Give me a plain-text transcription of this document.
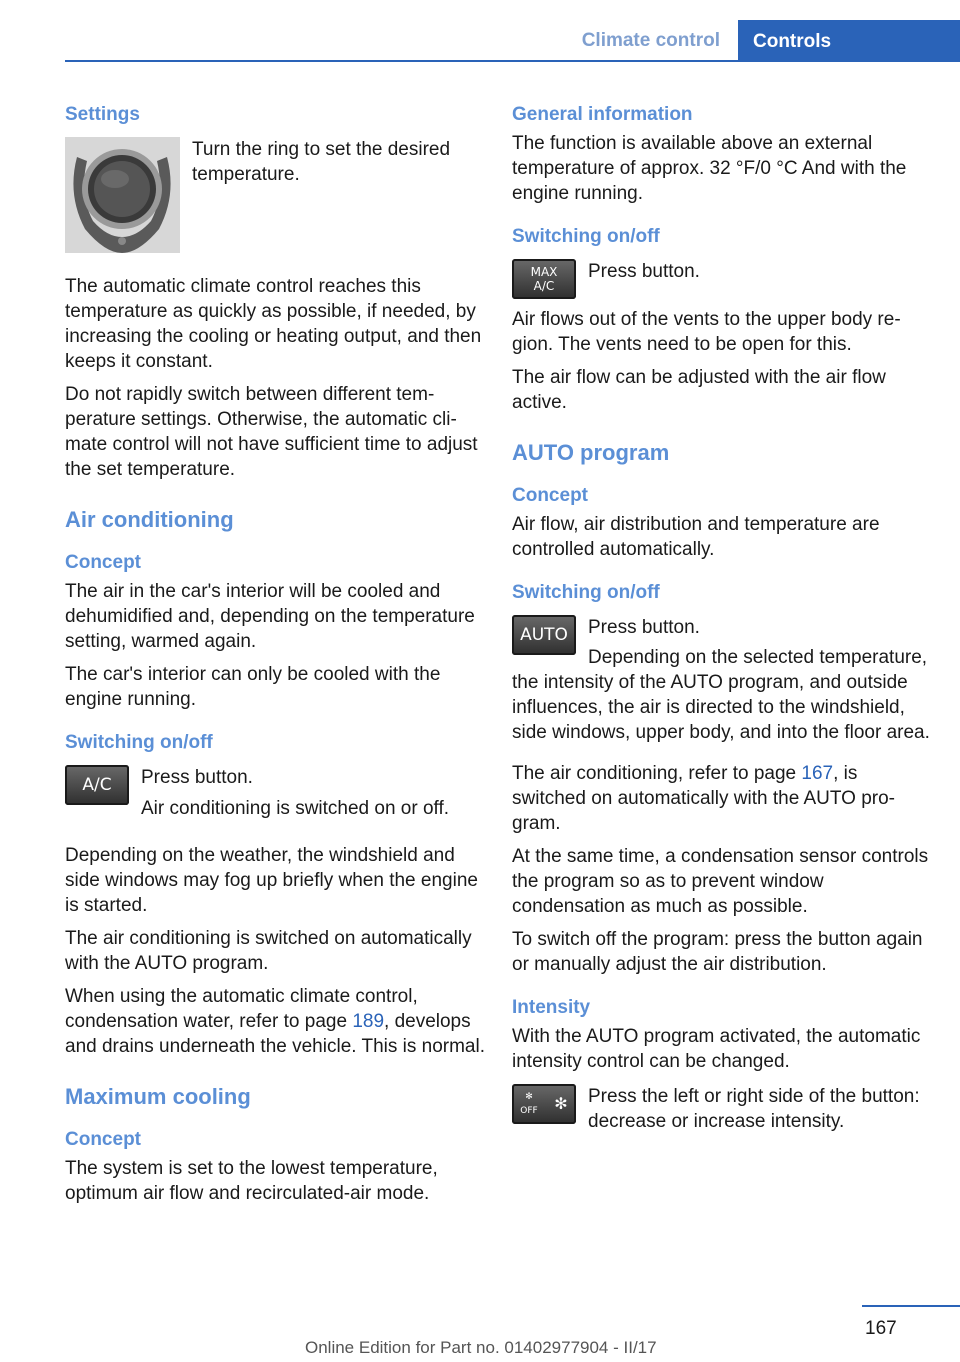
Climate control	Controls
Settings

Turn the ring to set the desired temperature.

The automatic climate control reaches this temperature as quickly as possible, if needed, by increasing the cooling or heating output, and then keeps it constant.

Do not rapidly switch between different temperature settings. Otherwise, the automatic climate control will not have sufficient time to adjust the set temperature.

Air conditioning
Concept

The air in the car's interior will be cooled and dehumidified and, depending on the temperature setting, warmed again.

The car's interior can only be cooled with the engine running.

Switching on/off
A/C	Press button.

Air conditioning is switched on or off.

Depending on the weather, the windshield and side windows may fog up briefly when the engine is started.

The air conditioning is switched on automatically with the AUTO program.

When using the automatic climate control, condensation water, refer to page 189, develops and drains underneath the vehicle. This is normal.

Maximum cooling
Concept

The system is set to the lowest temperature, optimum air flow and recirculated-air mode.

General information

The function is available above an external temperature of approx. 32 °F/0 °C And with the engine running.

Switching on/off
MAX
A/C

Press button.

Air flows out of the vents to the upper body region. The vents need to be open for this.

The air flow can be adjusted with the air flow active.

AUTO program
Concept

Air flow, air distribution and temperature are controlled automatically.

Switching on/off
AUTO	Press button.

Depending on the selected temperature, the intensity of the AUTO program, and outside influences, the air is directed to the windshield, side windows, upper body, and into the floor area.

The air conditioning, refer to page 167, is switched on automatically with the AUTO program.

At the same time, a condensation sensor controls the program so as to prevent window condensation as much as possible.

To switch off the program: press the button again or manually adjust the air distribution.

Intensity

With the AUTO program activated, the automatic intensity control can be changed.

✻
OFF ✻ Press the left or right side of the button: decrease or increase intensity.

167
Online Edition for Part no. 01402977904 - II/17
